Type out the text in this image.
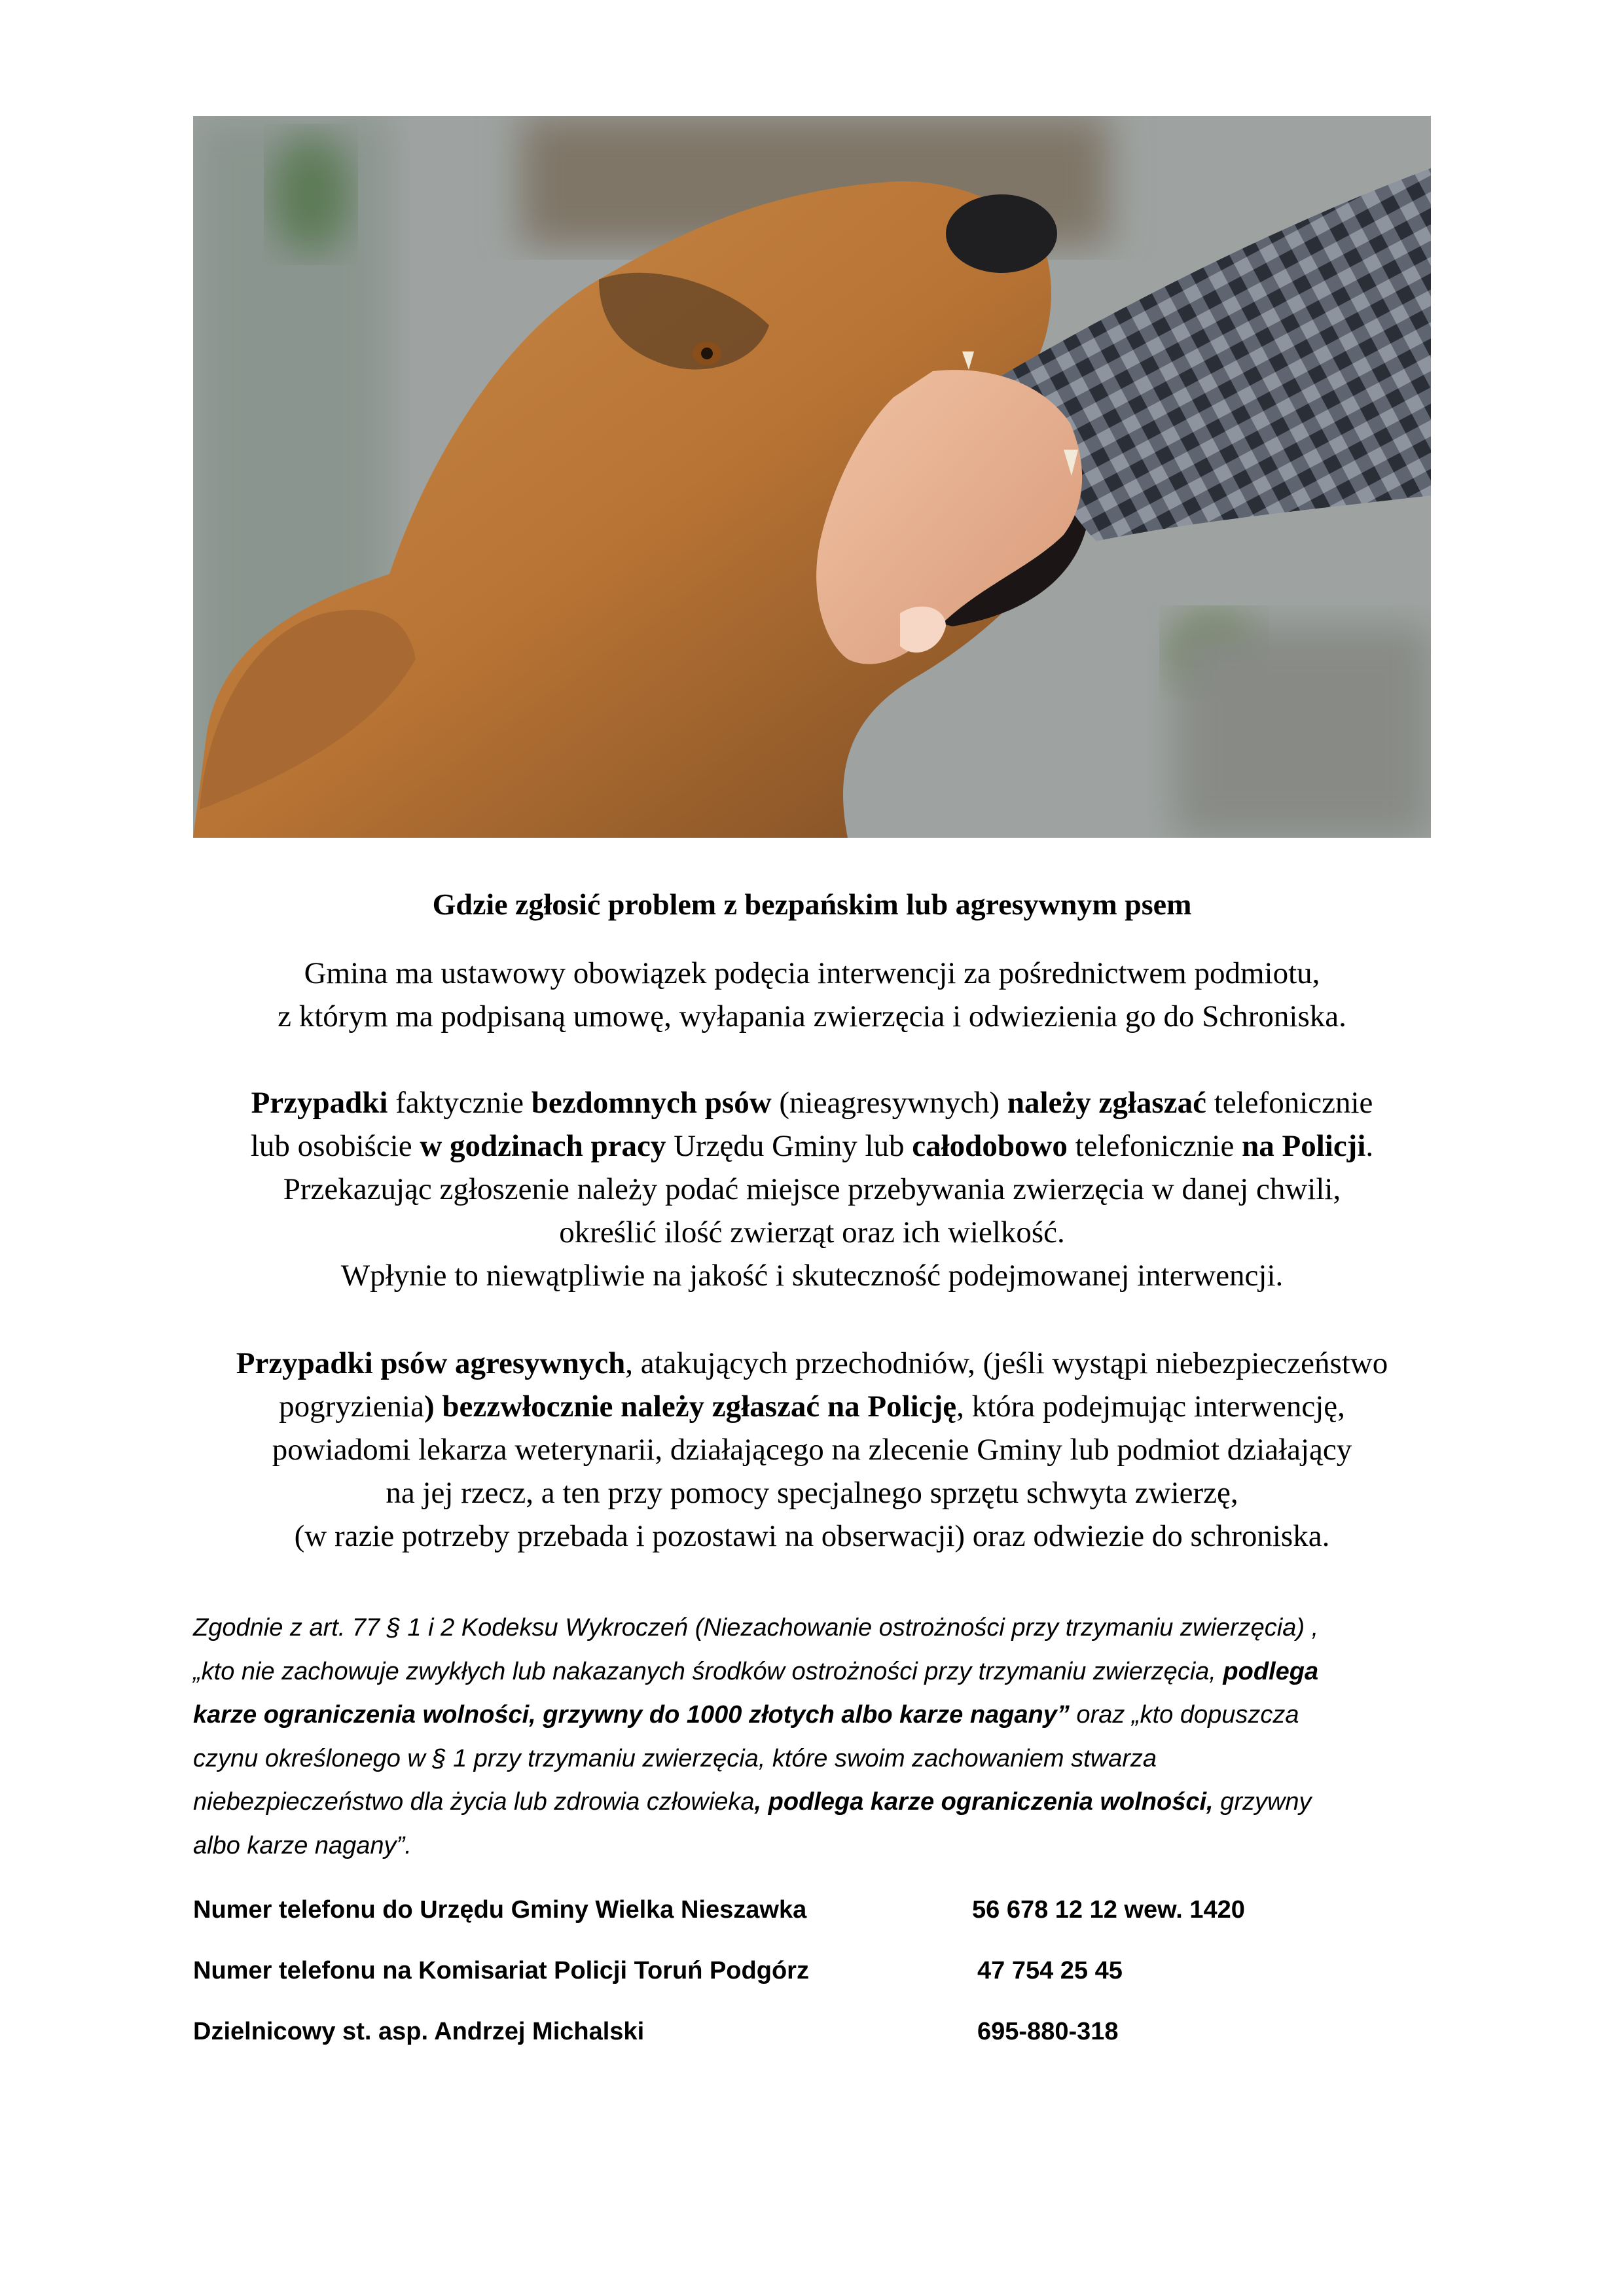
Gdzie zgłosić problem z bezpańskim lub agresywnym psem
Gmina ma ustawowy obowiązek podęcia interwencji za pośrednictwem podmiotu,
z którym ma podpisaną umowę, wyłapania zwierzęcia i odwiezienia go do Schroniska.
Przypadki faktycznie bezdomnych psów (nieagresywnych) należy zgłaszać telefonicznie
lub osobiście w godzinach pracy Urzędu Gminy lub całodobowo telefonicznie na Policji.
Przekazując zgłoszenie należy podać miejsce przebywania zwierzęcia w danej chwili,
określić ilość zwierząt oraz ich wielkość.
Wpłynie to niewątpliwie na jakość i skuteczność podejmowanej interwencji.
Przypadki psów agresywnych, atakujących przechodniów, (jeśli wystąpi niebezpieczeństwo
pogryzienia) bezzwłocznie należy zgłaszać na Policję, która podejmując interwencję,
powiadomi lekarza weterynarii, działającego na zlecenie Gminy lub podmiot działający
na jej rzecz, a ten przy pomocy specjalnego sprzętu schwyta zwierzę,
(w razie potrzeby przebada i pozostawi na obserwacji) oraz odwiezie do schroniska.
Zgodnie z art. 77 § 1 i 2 Kodeksu Wykroczeń (Niezachowanie ostrożności przy trzymaniu zwierzęcia) ,
„kto nie zachowuje zwykłych lub nakazanych środków ostrożności przy trzymaniu zwierzęcia, podlega
karze ograniczenia wolności, grzywny do 1000 złotych albo karze nagany” oraz „kto dopuszcza
czynu określonego w § 1 przy trzymaniu zwierzęcia, które swoim zachowaniem stwarza
niebezpieczeństwo dla życia lub zdrowia człowieka, podlega karze ograniczenia wolności, grzywny
albo karze nagany”.
Numer telefonu do Urzędu Gminy Wielka Nieszawka	56 678 12 12 wew. 1420
Numer telefonu na Komisariat Policji Toruń Podgórz	47 754 25 45
Dzielnicowy st. asp. Andrzej Michalski	695-880-318
